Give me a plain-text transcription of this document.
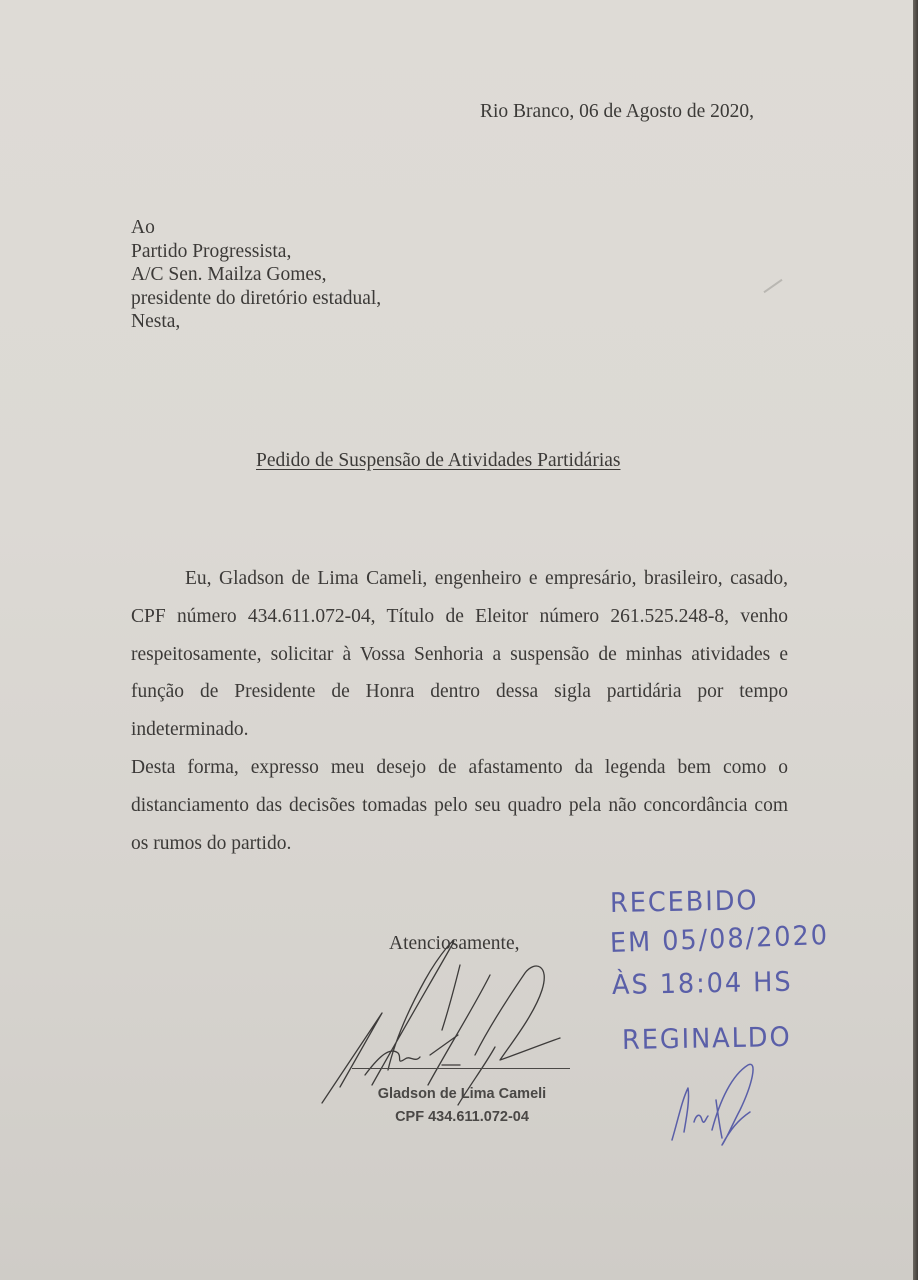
Rio Branco, 06 de Agosto de 2020,
Ao
Partido Progressista,
A/C Sen. Mailza Gomes,
presidente do diretório estadual,
Nesta,
Pedido de Suspensão de Atividades Partidárias

Eu, Gladson de Lima Cameli, engenheiro e empresário, brasileiro, casado, CPF número 434.611.072-04, Título de Eleitor número 261.525.248-8, venho respeitosamente, solicitar à Vossa Senhoria a suspensão de minhas atividades e função de Presidente de Honra dentro dessa sigla partidária por tempo indeterminado.

Desta forma, expresso meu desejo de afastamento da legenda bem como o distanciamento das decisões tomadas pelo seu quadro pela não concordância com os rumos do partido.

Atenciosamente,
Gladson de Lima Cameli
CPF 434.611.072-04
RECEBIDO
EM 05/08/2020
ÀS 18:04 HS
REGINALDO
